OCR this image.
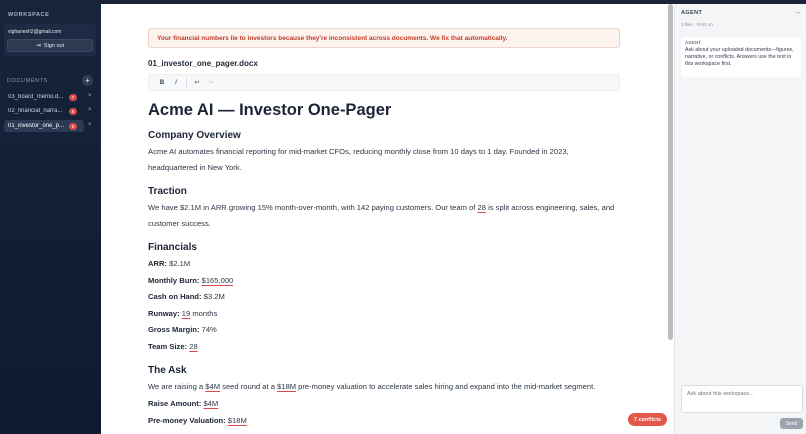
WORKSPACE
vighanesh2@gmail.com
⇥ Sign out
DOCUMENTS	+
03_board_memo.d...	7	×
02_financial_narra...	8	×
01_investor_one_p...	8	×
Your financial numbers lie to investors because they're inconsistent across documents. We fix that automatically.
01_investor_one_pager.docx
B	I	↩	↪
Acme AI — Investor One-Pager
Company Overview
Acme AI automates financial reporting for mid-market CFOs, reducing monthly close from 10 days to 1 day. Founded in 2023, headquartered in New York.
Traction
We have $2.1M in ARR growing 15% month-over-month, with 142 paying customers. Our team of 28 is split across engineering, sales, and customer success.
Financials
ARR: $2.1M
Monthly Burn: $165,000
Cash on Hand: $3.2M
Runway: 19 months
Gross Margin: 74%
Team Size: 28
The Ask
We are raising a $4M seed round at a $18M pre-money valuation to accelerate sales hiring and expand into the mid-market segment.
Raise Amount: $4M
Pre-money Valuation: $18M	7 conflicts
AGENT	→
3 files · RAG on
AGENT
Ask about your uploaded documents—figures, narrative, or conflicts. Answers use the text in this workspace first.
Ask about this workspace...
Send
